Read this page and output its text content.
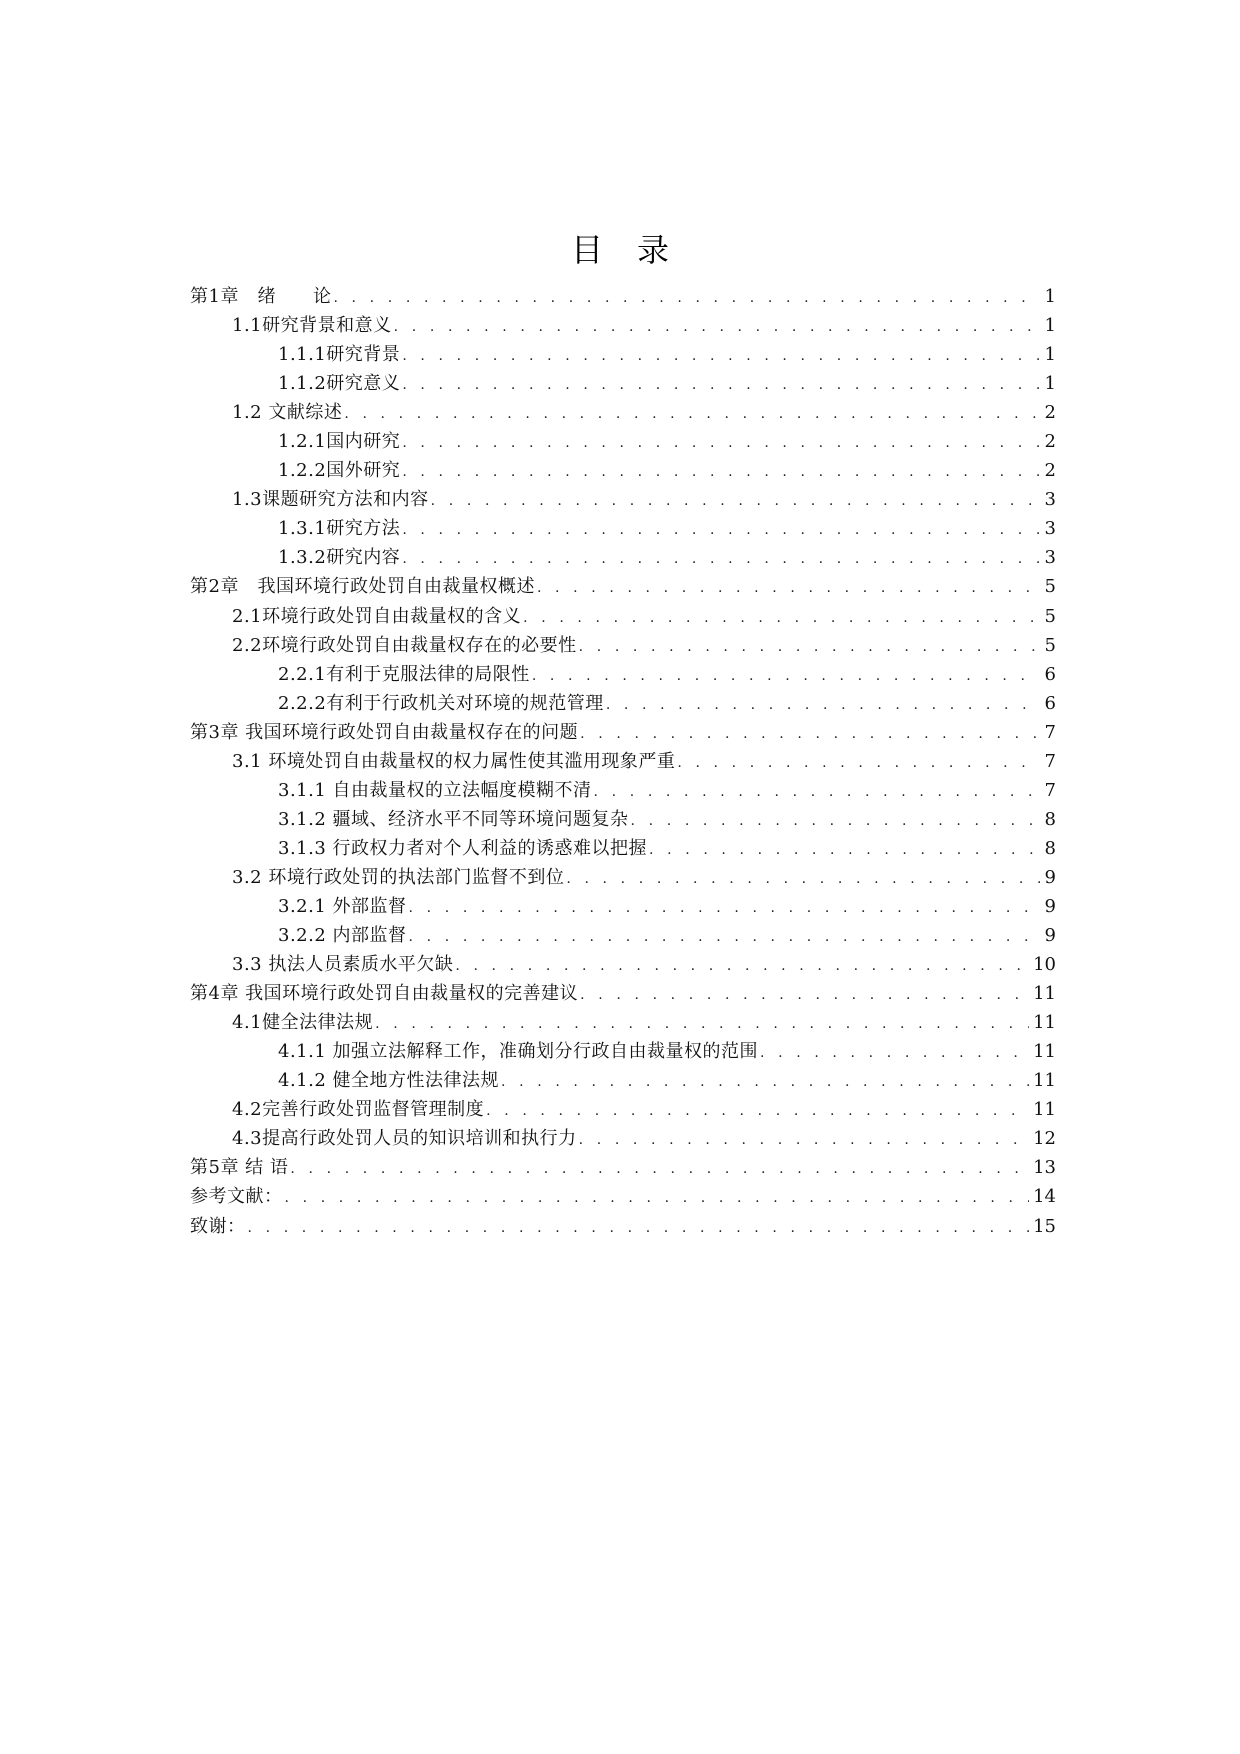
目录
第1章　绪　　论 . . .	1
1.1研究背景和意义 . . .	1
1.1.1研究背景 . . .	1
1.1.2研究意义 . . .	1
1.2 文献综述 . . .	2
1.2.1国内研究 . . .	2
1.2.2国外研究 . . .	2
1.3课题研究方法和内容 . . .	3
1.3.1研究方法 . . .	3
1.3.2研究内容 . . .	3
第2章　我国环境行政处罚自由裁量权概述 . . .	5
2.1环境行政处罚自由裁量权的含义 . . .	5
2.2环境行政处罚自由裁量权存在的必要性 . . .	5
2.2.1有利于克服法律的局限性 . . .	6
2.2.2有利于行政机关对环境的规范管理 . . .	6
第3章 我国环境行政处罚自由裁量权存在的问题 . . .	7
3.1 环境处罚自由裁量权的权力属性使其滥用现象严重 . . .	7
3.1.1 自由裁量权的立法幅度模糊不清 . . .	7
3.1.2 疆域、经济水平不同等环境问题复杂 . . .	8
3.1.3 行政权力者对个人利益的诱惑难以把握 . . .	8
3.2 环境行政处罚的执法部门监督不到位 . . .	9
3.2.1 外部监督 . . .	9
3.2.2 内部监督 . . .	9
3.3 执法人员素质水平欠缺 . . .	10
第4章 我国环境行政处罚自由裁量权的完善建议 . . .	11
4.1健全法律法规 . . .	11
4.1.1 加强立法解释工作，准确划分行政自由裁量权的范围 . . .	11
4.1.2 健全地方性法律法规 . . .	11
4.2完善行政处罚监督管理制度 . . .	11
4.3提高行政处罚人员的知识培训和执行力 . . .	12
第5章 结 语 . . .	13
参考文献： . . .	14
致谢： . . .	15
